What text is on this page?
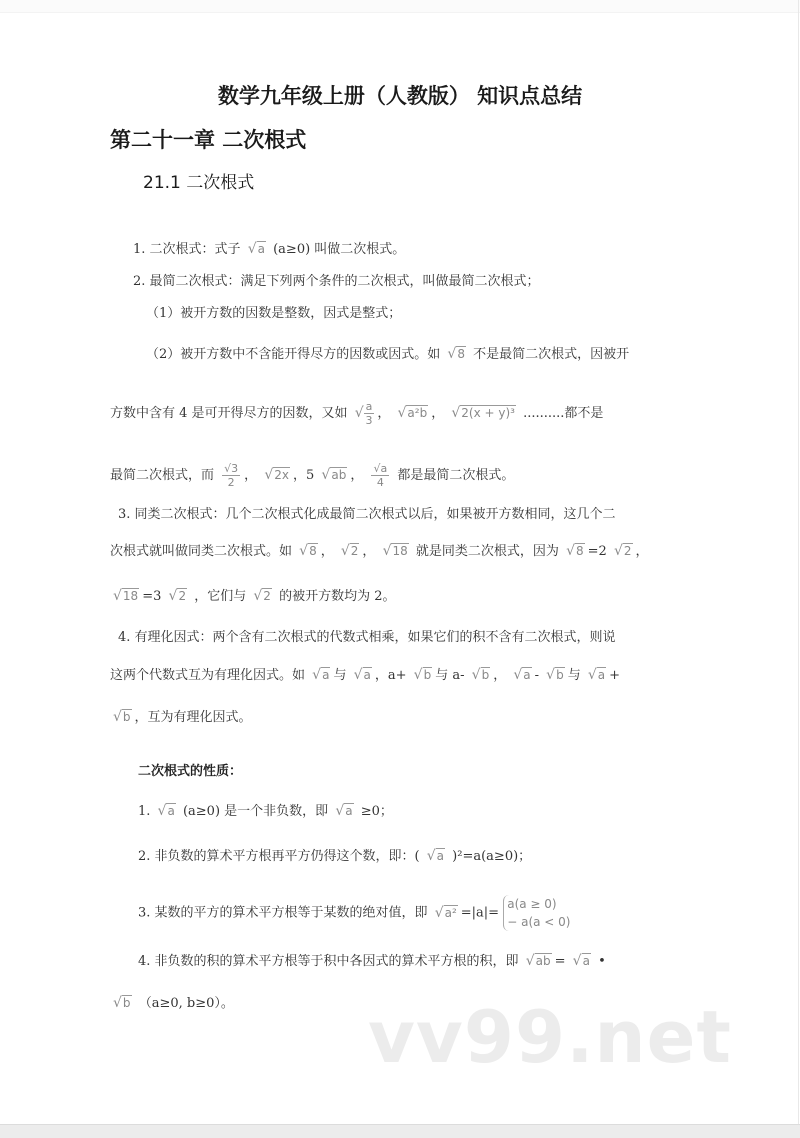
数学九年级上册（人教版） 知识点总结
第二十一章 二次根式
21.1 二次根式
1. 二次根式：式子 √a (a≥0) 叫做二次根式。
2. 最简二次根式：满足下列两个条件的二次根式，叫做最简二次根式；
（1）被开方数的因数是整数，因式是整式；
（2）被开方数中不含能开得尽方的因数或因式。如 √8 不是最简二次根式，因被开
方数中含有 4 是可开得尽方的因数，又如 √ $\frac{a}{3}$ ， √a²b ， √2(x + y)³ ..........都不是
最简二次根式，而 $\frac{√3}{2}$ ， √2x ，5 √ab ， $\frac{√a}{4}$ 都是最简二次根式。
3. 同类二次根式：几个二次根式化成最简二次根式以后，如果被开方数相同，这几个二
次根式就叫做同类二次根式。如 √8 ， √2 ， √18 就是同类二次根式，因为 √8 =2 √2 ，
√18 =3 √2 ，它们与 √2 的被开方数均为 2。
4. 有理化因式：两个含有二次根式的代数式相乘，如果它们的积不含有二次根式，则说
这两个代数式互为有理化因式。如 √a 与 √a ，a+ √b 与 a- √b ， √a - √b 与 √a +
√b ，互为有理化因式。
二次根式的性质：
1. √a (a≥0) 是一个非负数，即 √a ≥0；
2. 非负数的算术平方根再平方仍得这个数，即：( √a )²=a(a≥0)；
3. 某数的平方的算术平方根等于某数的绝对值，即 √a² =|a|=
a(a ≥ 0)
− a(a < 0)
4. 非负数的积的算术平方根等于积中各因式的算术平方根的积，即 √ab = √a •
√b （a≥0, b≥0）。 vv99.net
